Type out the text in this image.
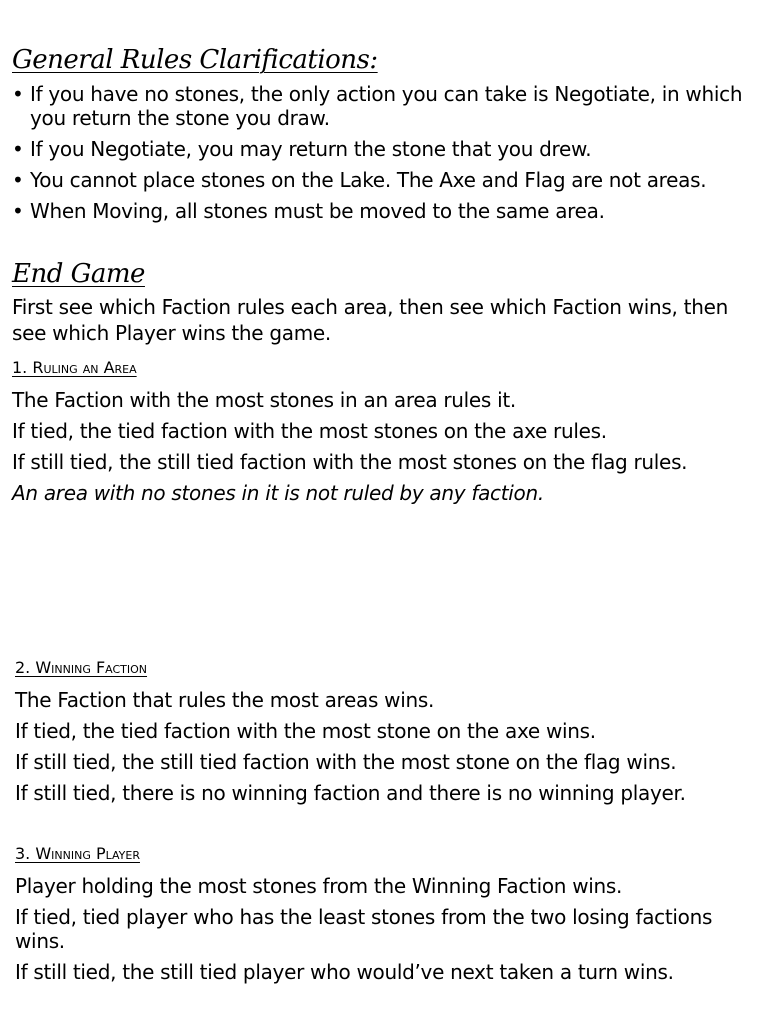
General Rules Clarifications:
• If you have no stones, the only action you can take is Negotiate, in which you return the stone you draw.
• If you Negotiate, you may return the stone that you drew.
• You cannot place stones on the Lake. The Axe and Flag are not areas.
• When Moving, all stones must be moved to the same area.
End Game

First see which Faction rules each area, then see which Faction wins, then see which Player wins the game.

1. Ruling an Area
The Faction with the most stones in an area rules it.
If tied, the tied faction with the most stones on the axe rules.
If still tied, the still tied faction with the most stones on the flag rules.
An area with no stones in it is not ruled by any faction.
2. Winning Faction
The Faction that rules the most areas wins.
If tied, the tied faction with the most stone on the axe wins.
If still tied, the still tied faction with the most stone on the flag wins.
If still tied, there is no winning faction and there is no winning player.
3. Winning Player
Player holding the most stones from the Winning Faction wins.
If tied, tied player who has the least stones from the two losing factions wins.
If still tied, the still tied player who would’ve next taken a turn wins.
